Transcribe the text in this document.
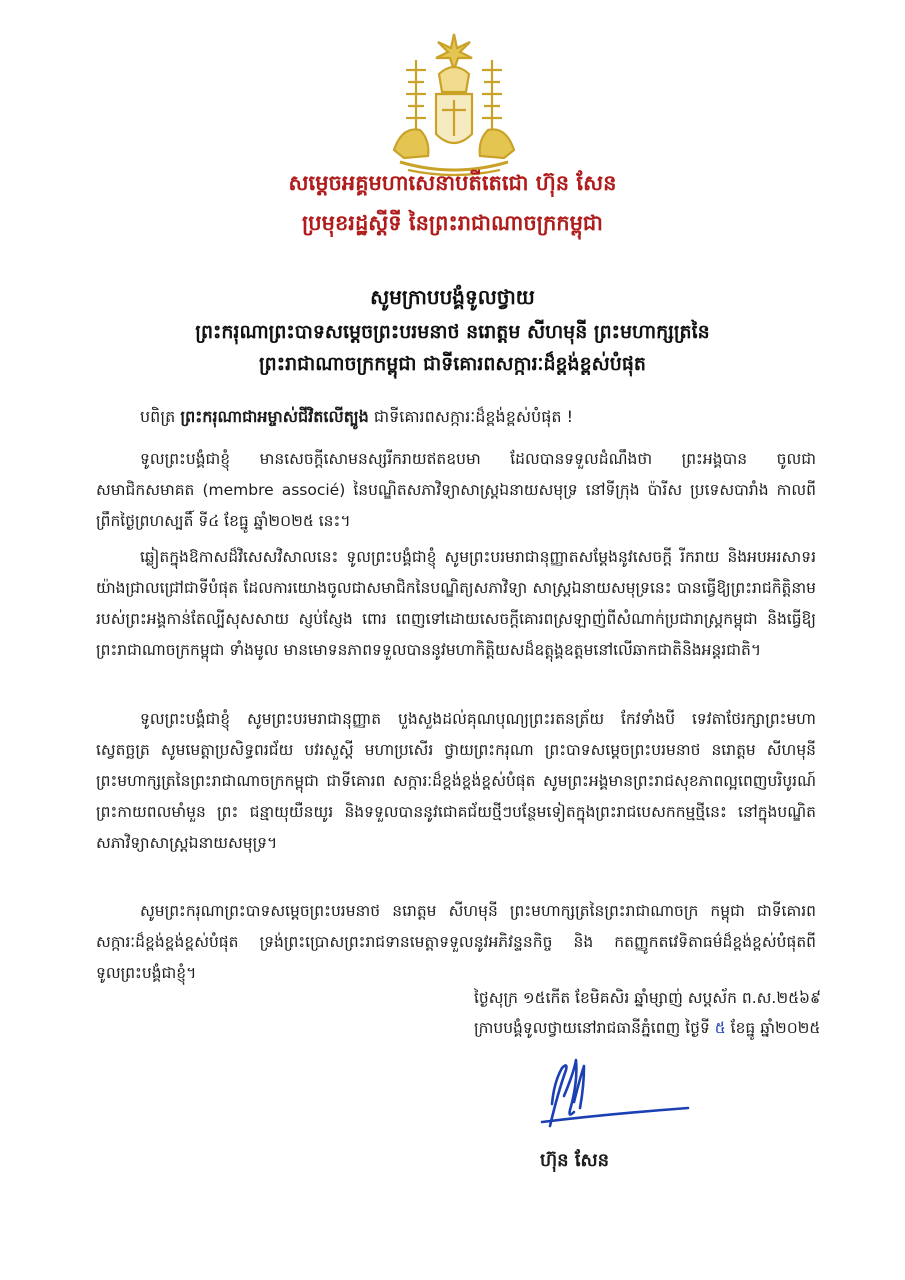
សម្តេចអគ្គមហាសេនាបតីតេជោ ហ៊ុន សែន
ប្រមុខរដ្ឋស្តីទី នៃព្រះរាជាណាចក្រកម្ពុជា
សូមក្រាបបង្គំទូលថ្វាយ
ព្រះករុណាព្រះបាទសម្តេចព្រះបរមនាថ នរោត្តម សីហមុនី ព្រះមហាក្សត្រនៃ
ព្រះរាជាណាចក្រកម្ពុជា ជាទីគោរពសក្ការៈដ៏ខ្ពង់ខ្ពស់បំផុត
បពិត្រ ព្រះករុណាជាអម្ចាស់ជីវិតលើត្បូង ជាទីគោរពសក្ការៈដ៏ខ្ពង់ខ្ពស់បំផុត !

ទូលព្រះបង្គំជាខ្ញុំ មានសេចក្តីសោមនស្សរីករាយឥតឧបមា ដែលបានទទួលដំណឹងថា ព្រះអង្គបាន ចូលជាសមាជិកសមាគត (membre associé) នៃបណ្ឌិតសភាវិទ្យាសាស្ត្រឯនាយសមុទ្រ នៅទីក្រុង ប៉ារីស ប្រទេសបារាំង កាលពីព្រឹកថ្ងៃព្រហស្បតិ៍ ទី៤ ខែធ្នូ ឆ្នាំ២០២៥ នេះ។

ឆ្លៀតក្នុងឱកាសដ៏វិសេសវិសាលនេះ ទូលព្រះបង្គំជាខ្ញុំ សូមព្រះបរមរាជានុញ្ញាតសម្តែងនូវសេចក្តី រីករាយ និងអបអរសាទរយ៉ាងជ្រាលជ្រៅជាទីបំផុត ដែលការយោងចូលជាសមាជិកនៃបណ្ឌិត្យសភាវិទ្យា សាស្ត្រឯនាយសមុទ្រនេះ បានធ្វើឱ្យព្រះរាជកិត្តិនាមរបស់ព្រះអង្គកាន់តែល្បីសុសសាយ ស្ញប់ស្ញែង ពោរ ពេញទៅដោយសេចក្តីគោរពស្រឡាញ់ពីសំណាក់ប្រជារាស្ត្រកម្ពុជា និងធ្វើឱ្យព្រះរាជាណាចក្រកម្ពុជា ទាំងមូល មានមោទនភាពទទួលបាននូវមហាកិត្តិយសដ៏ឧត្តុង្គឧត្តមនៅលើឆាកជាតិនិងអន្តរជាតិ។

ទូលព្រះបង្គំជាខ្ញុំ សូមព្រះបរមរាជានុញ្ញាត បួងសួងដល់គុណបុណ្យព្រះរតនត្រ័យ កែវទាំងបី ទេវតាថែរក្សាព្រះមហាស្វេតច្ឆត្រ សូមមេត្តាប្រសិទ្ធពរជ័យ បវរសួស្តី មហាប្រសើរ ថ្វាយព្រះករុណា ព្រះបាទសម្តេចព្រះបរមនាថ នរោត្តម សីហមុនី ព្រះមហាក្សត្រនៃព្រះរាជាណាចក្រកម្ពុជា ជាទីគោរព សក្ការៈដ៏ខ្ពង់ខ្ពង់ខ្ពស់បំផុត សូមព្រះអង្គមានព្រះរាជសុខភាពល្អពេញបរិបូរណ៍ ព្រះកាយពលមាំមួន ព្រះ ជន្មាយុយឺនយូរ និងទទួលបាននូវជោគជ័យថ្មីៗបន្ថែមទៀតក្នុងព្រះរាជបេសកកម្មថ្មីនេះ នៅក្នុងបណ្ឌិត សភាវិទ្យាសាស្ត្រឯនាយសមុទ្រ។

សូមព្រះករុណាព្រះបាទសម្តេចព្រះបរមនាថ នរោត្តម សីហមុនី ព្រះមហាក្សត្រនៃព្រះរាជាណាចក្រ កម្ពុជា ជាទីគោរពសក្ការៈដ៏ខ្ពង់ខ្ពង់ខ្ពស់បំផុត ទ្រង់ព្រះប្រោសព្រះរាជទានមេត្តាទទួលនូវអភិវន្ទនកិច្ច និង កតញ្ញូកតវេទិតាធម៌ដ៏ខ្ពង់ខ្ពស់បំផុតពីទូលព្រះបង្គំជាខ្ញុំ។

ថ្ងៃសុក្រ ១៥កើត ខែមិគសិរ ឆ្នាំម្សាញ់ សប្តស័ក ព.ស.២៥៦៩
ក្រាបបង្គំទូលថ្វាយនៅរាជធានីភ្នំពេញ ថ្ងៃទី ៥ ខែធ្នូ ឆ្នាំ២០២៥
ហ៊ុន សែន
